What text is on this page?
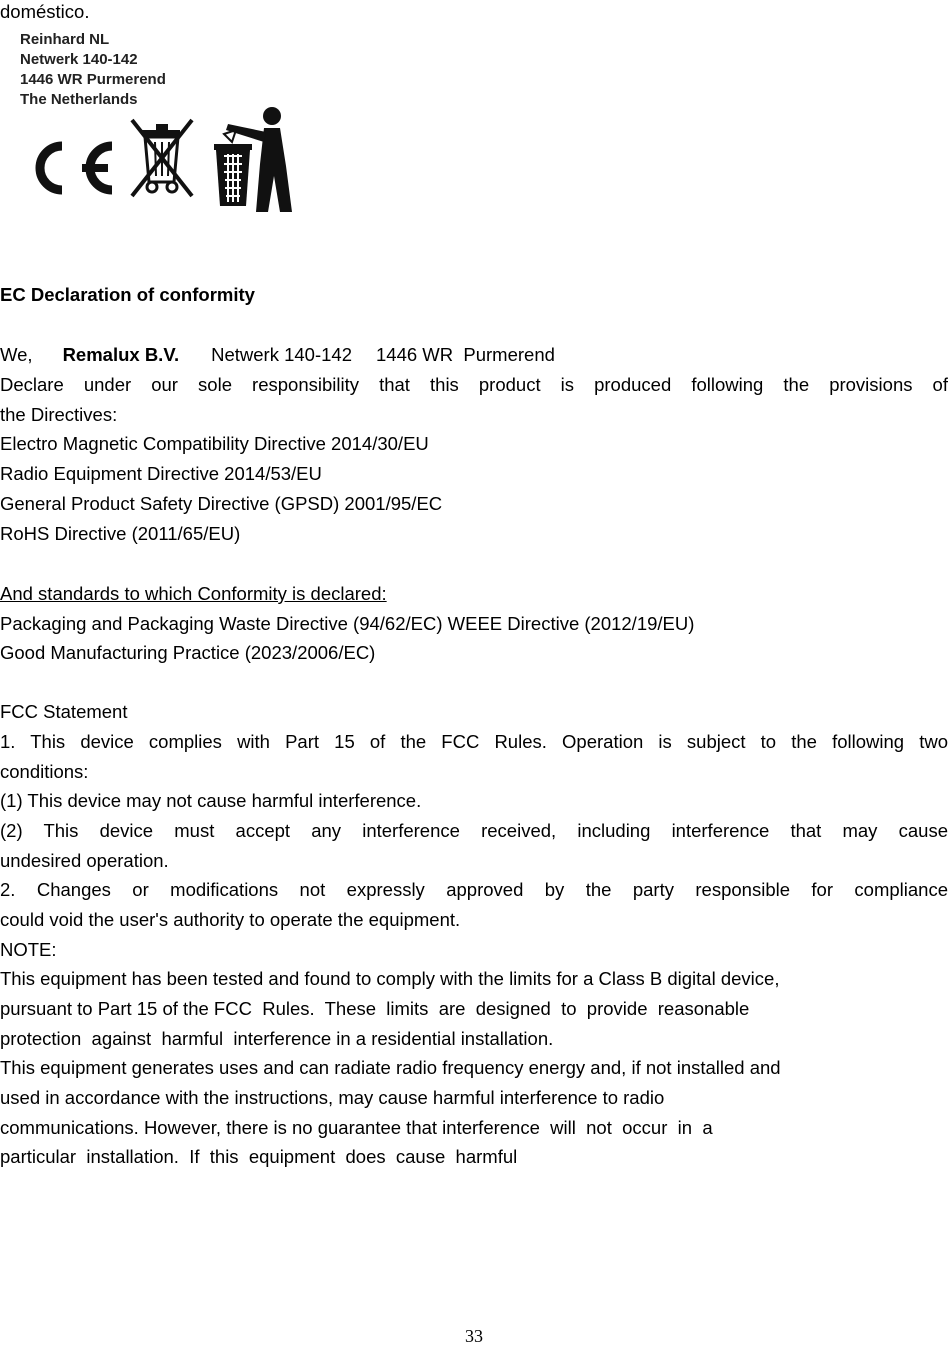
doméstico.
Reinhard NL
Netwerk 140-142
1446 WR Purmerend
The Netherlands
EC Declaration of conformity
We, Remalux B.V. Netwerk 140-142 1446 WR  Purmerend
Declare under our sole responsibility that this product is produced following the provisions of
the Directives:
Electro Magnetic Compatibility Directive 2014/30/EU
Radio Equipment Directive 2014/53/EU
General Product Safety Directive (GPSD) 2001/95/EC
RoHS Directive (2011/65/EU)
And standards to which Conformity is declared:
Packaging and Packaging Waste Directive (94/62/EC) WEEE Directive (2012/19/EU)
Good Manufacturing Practice (2023/2006/EC)
FCC Statement
1. This device complies with Part 15 of the FCC Rules. Operation is subject to the following two
conditions:
(1) This device may not cause harmful interference.
(2) This device must accept any interference received, including interference that may cause
undesired operation.
2. Changes or modifications not expressly approved by the party responsible for compliance
could void the user's authority to operate the equipment.
NOTE:
This equipment has been tested and found to comply with the limits for a Class B digital device,
pursuant to Part 15 of the FCC  Rules.  These  limits  are  designed  to  provide  reasonable
protection  against  harmful  interference in a residential installation.
This equipment generates uses and can radiate radio frequency energy and, if not installed and
used in accordance with the instructions, may cause harmful interference to radio
communications. However, there is no guarantee that interference  will  not  occur  in  a
particular  installation.  If  this  equipment  does  cause  harmful
33
